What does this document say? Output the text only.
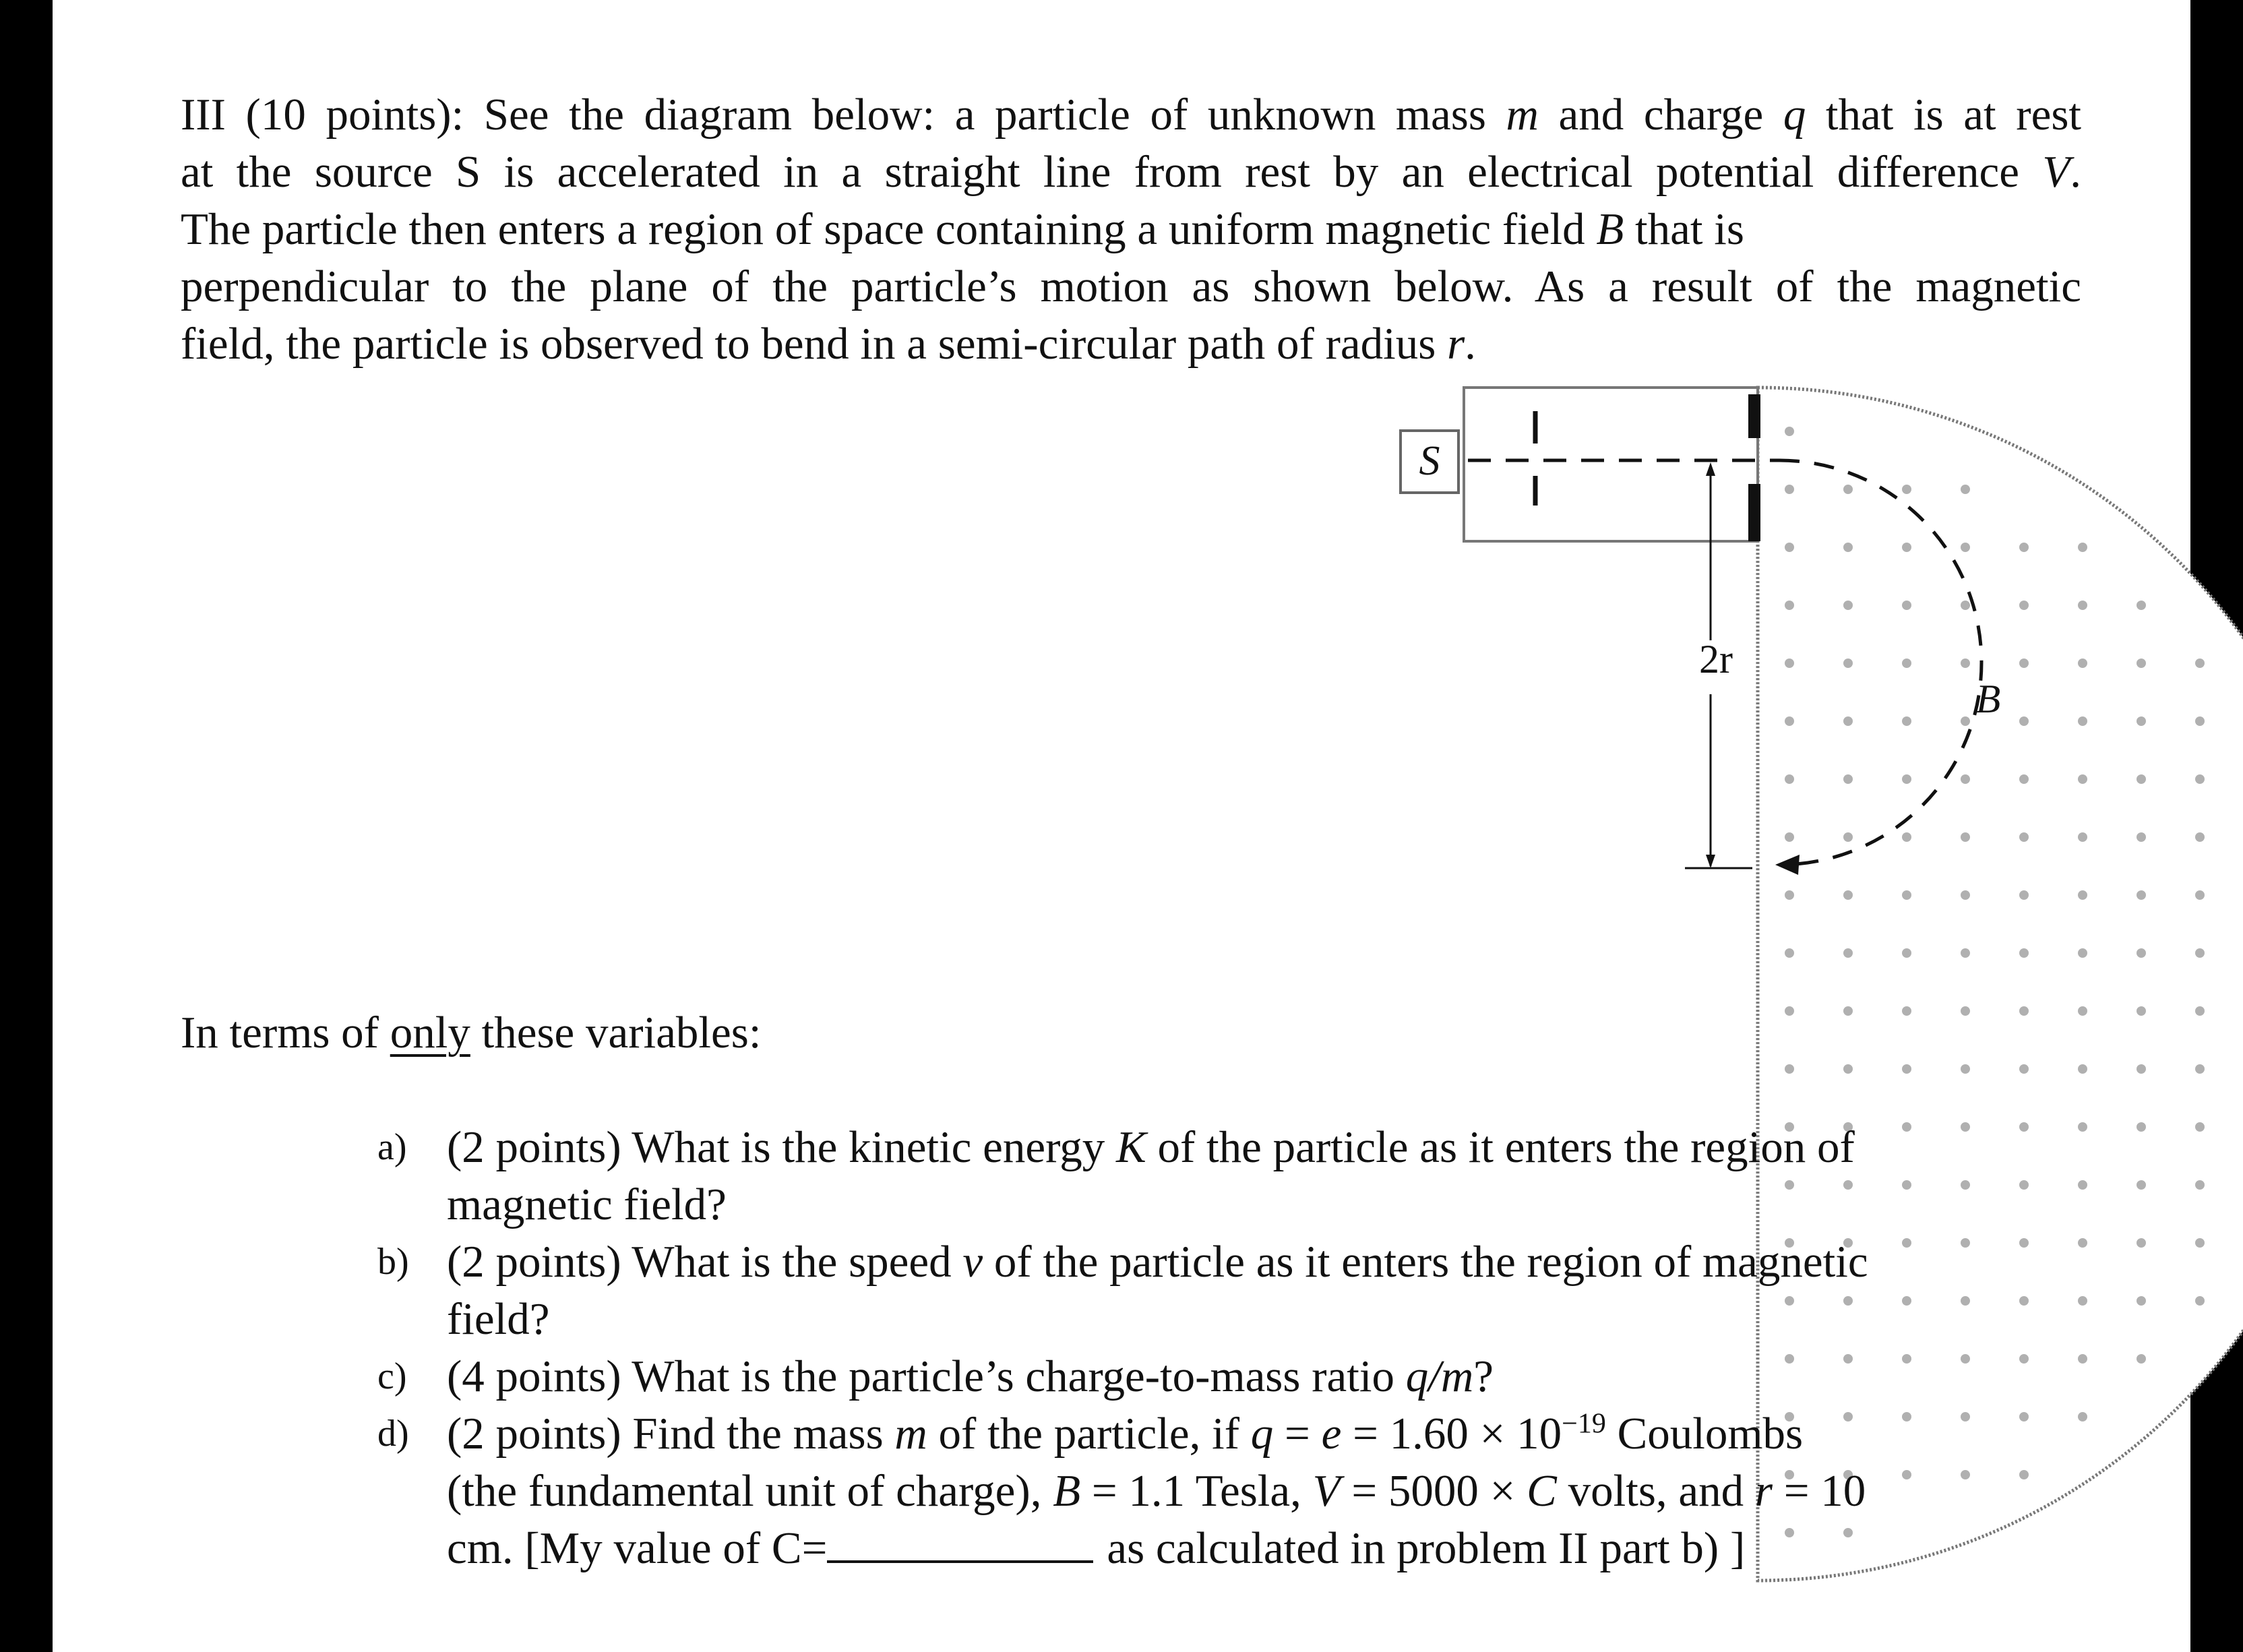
III (10 points): See the diagram below: a particle of unknown mass m and charge q that is at rest
at the source S is accelerated in a straight line from rest by an electrical potential difference V.
The particle then enters a region of space containing a uniform magnetic field B that is
perpendicular to the plane of the particle’s motion as shown below. As a result of the magnetic
field, the particle is observed to bend in a semi-circular path of radius r.
S
2r
B
In terms of only these variables:
a) (2 points) What is the kinetic energy K of the particle as it enters the region of
magnetic field?
b) (2 points) What is the speed v of the particle as it enters the region of magnetic
field?
c) (4 points) What is the particle’s charge-to-mass ratio q/m?
d) (2 points) Find the mass m of the particle, if $q = e = 1.60 \times 10^{-19}$ Coulombs
(the fundamental unit of charge), B = 1.1 Tesla, V = 5000 × C volts, and r = 10
cm. [My value of C=	as calculated in problem II part b) ]
